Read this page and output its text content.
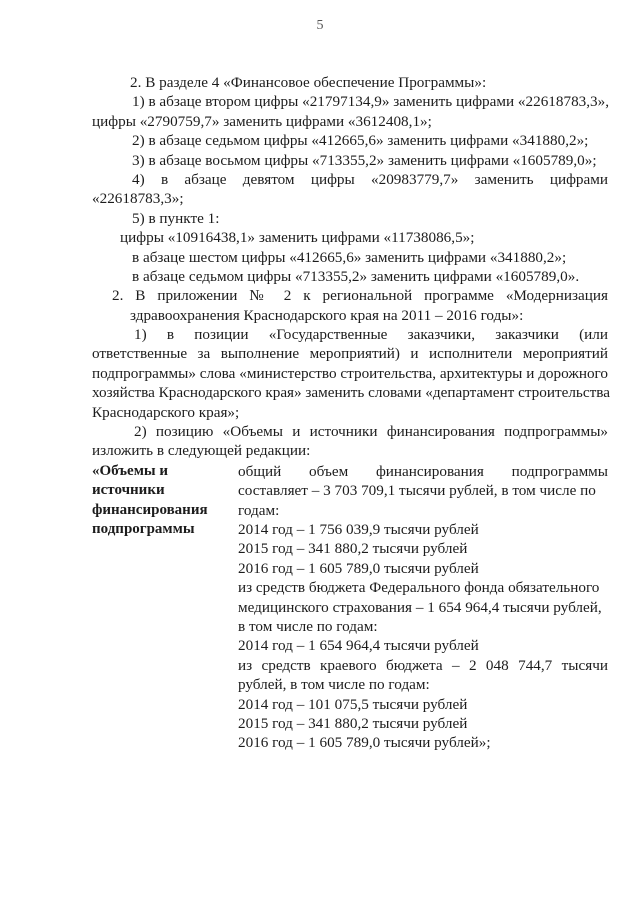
5
2. В разделе 4 «Финансовое обеспечение Программы»:
1) в абзаце втором цифры «21797134,9» заменить цифрами «22618783,3»,
цифры «2790759,7» заменить цифрами «3612408,1»;
2) в абзаце седьмом цифры «412665,6» заменить цифрами «341880,2»;
3) в абзаце восьмом цифры «713355,2» заменить цифрами «1605789,0»;
4) в абзаце девятом цифры «20983779,7» заменить цифрами
«22618783,3»;
5) в пункте 1:
цифры «10916438,1» заменить цифрами «11738086,5»;
в абзаце шестом цифры «412665,6» заменить цифрами «341880,2»;
в абзаце седьмом цифры «713355,2» заменить цифрами «1605789,0».
2. В приложении № 2 к региональной программе «Модернизация
здравоохранения Краснодарского края на 2011 – 2016 годы»:
1) в позиции «Государственные заказчики, заказчики (или
ответственные за выполнение мероприятий) и исполнители мероприятий
подпрограммы» слова «министерство строительства, архитектуры и дорожного
хозяйства Краснодарского края» заменить словами «департамент строительства
Краснодарского края»;
2) позицию «Объемы и источники финансирования подпрограммы»
изложить в следующей редакции:
«Объемы и
источники
финансирования
подпрограммы
общий объем финансирования подпрограммы
составляет – 3 703 709,1 тысячи рублей, в том числе по
годам:
2014 год – 1 756 039,9 тысячи рублей
2015 год – 341 880,2 тысячи рублей
2016 год – 1 605 789,0 тысячи рублей
из средств бюджета Федерального фонда обязательного
медицинского страхования – 1 654 964,4 тысячи рублей,
в том числе по годам:
2014 год – 1 654 964,4 тысячи рублей
из средств краевого бюджета – 2 048 744,7 тысячи
рублей, в том числе по годам:
2014 год – 101 075,5 тысячи рублей
2015 год – 341 880,2 тысячи рублей
2016 год – 1 605 789,0 тысячи рублей»;
